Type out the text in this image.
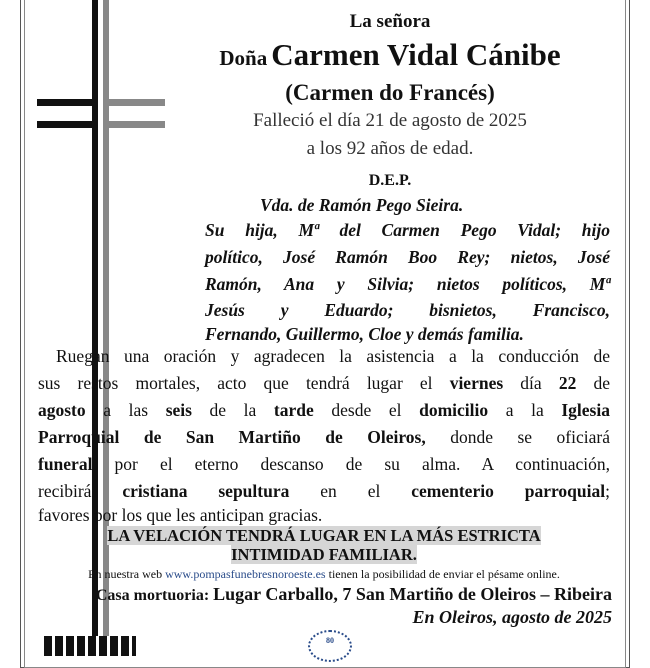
La señora
Doña Carmen Vidal Cánibe
(Carmen do Francés)
Falleció el día 21 de agosto de 2025
a los 92 años de edad.
D.E.P.
Vda. de Ramón Pego Sieira.
Su hija, Mª del Carmen Pego Vidal; hijo
político, José Ramón Boo Rey; nietos, José
Ramón, Ana y Silvia; nietos políticos, Mª
Jesús y Eduardo; bisnietos, Francisco,
Fernando, Guillermo, Cloe y demás familia.
Ruegan una oración y agradecen la asistencia a la conducción de
sus restos mortales, acto que tendrá lugar el viernes día 22 de
agosto a las seis de la tarde desde el domicilio a la Iglesia
Parroquial de San Martiño de Oleiros, donde se oficiará
funeral por el eterno descanso de su alma. A continuación,
recibirá cristiana sepultura en el cementerio parroquial;
favores por los que les anticipan gracias.
LA VELACIÓN TENDRÁ LUGAR EN LA MÁS ESTRICTA
INTIMIDAD FAMILIAR.
En nuestra web www.pompasfunebresnoroeste.es tienen la posibilidad de enviar el pésame online.
Casa mortuoria: Lugar Carballo, 7 San Martiño de Oleiros – Ribeira
En Oleiros, agosto de 2025
80
